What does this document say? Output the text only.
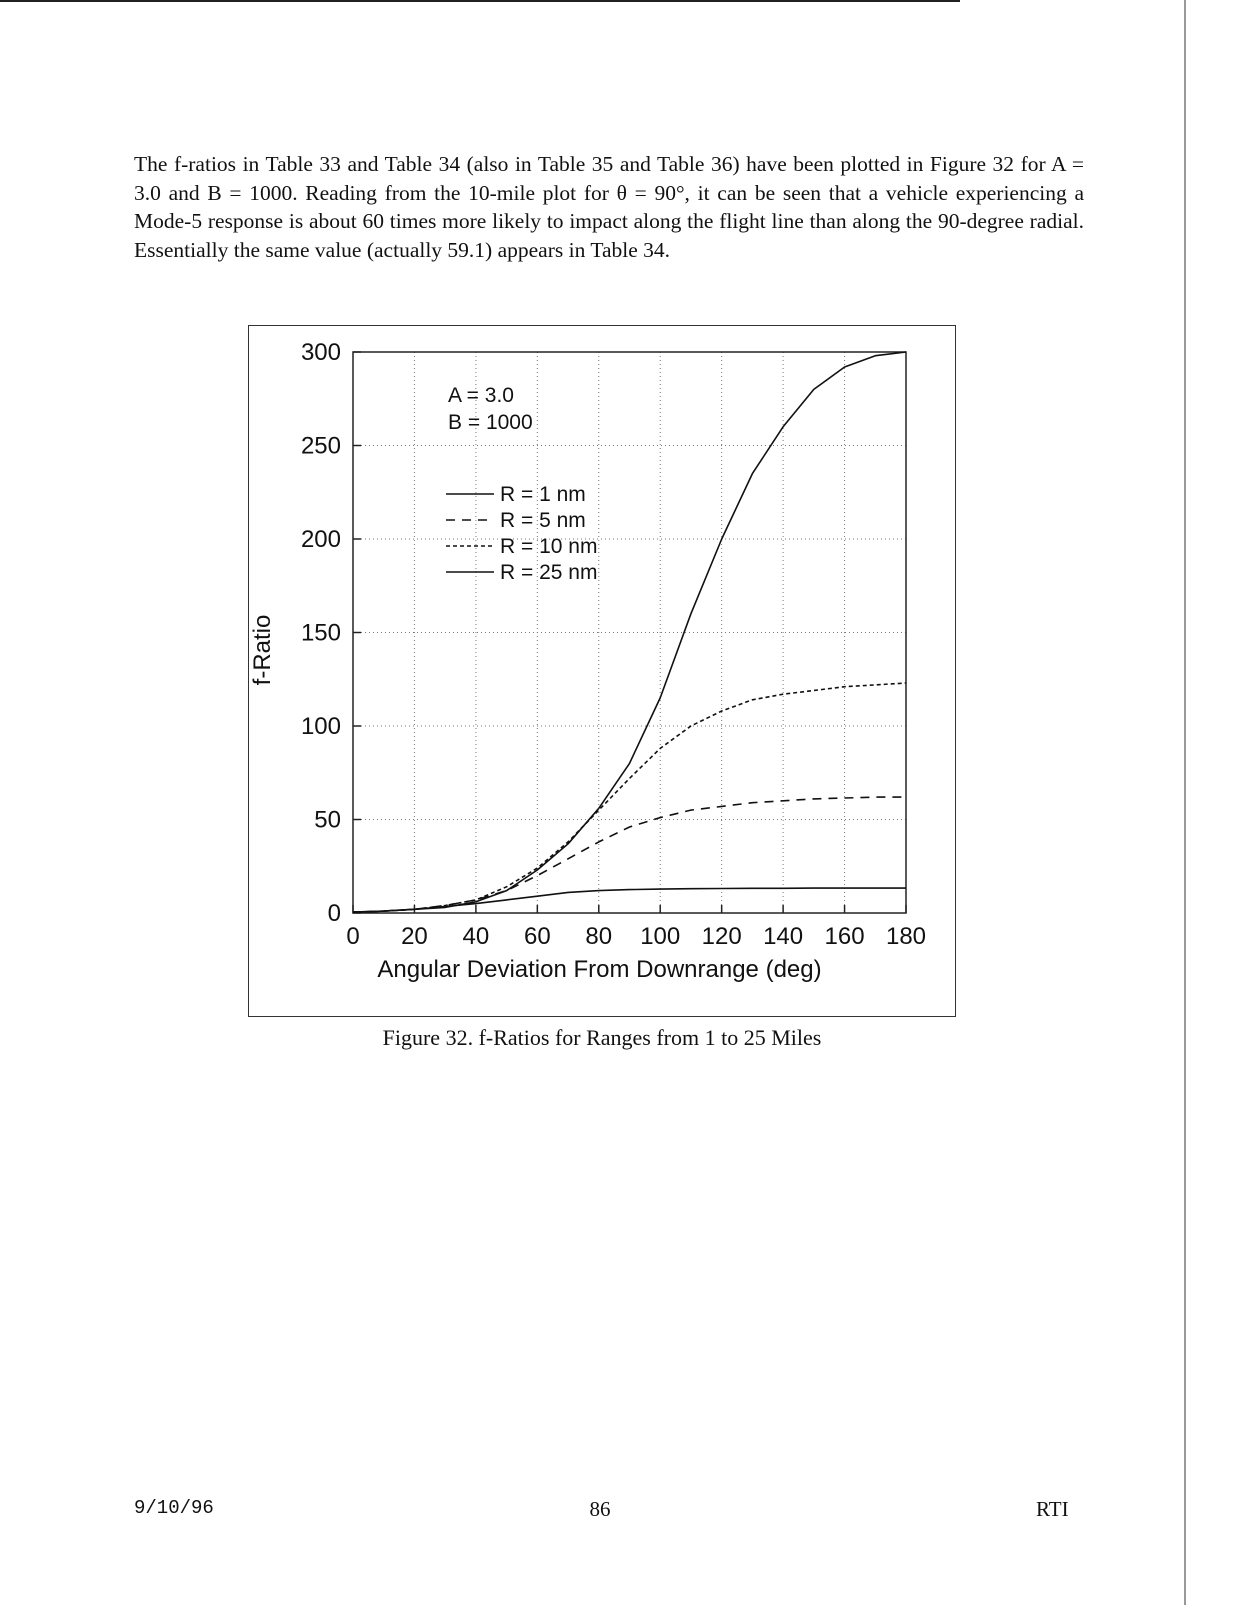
The f-ratios in Table 33 and Table 34 (also in Table 35 and Table 36) have been plotted in Figure 32 for A = 3.0 and B = 1000. Reading from the 10-mile plot for θ = 90°, it can be seen that a vehicle experiencing a Mode-5 response is about 60 times more likely to impact along the flight line than along the 90-degree radial. Essentially the same value (actually 59.1) appears in Table 34.

0 20 40 60 80 100 120 140 160 180
0
50
100
150
200
250
300
A = 3.0
B = 1000
R = 1 nm
R = 5 nm
R = 10 nm
R = 25 nm
Angular Deviation From Downrange (deg)
f-Ratio

Figure 32. f-Ratios for Ranges from 1 to 25 Miles

9/10/96	86	RTI
